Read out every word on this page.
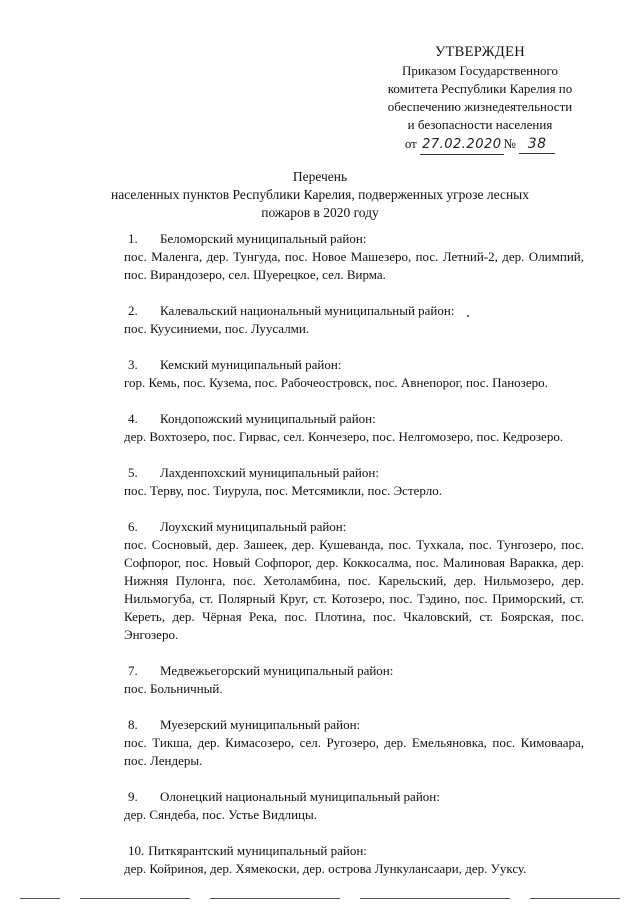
УТВЕРЖДЕН
Приказом Государственного
комитета Республики Карелия по
обеспечению жизнедеятельности
и безопасности населения
от 27.02.2020 № 38
Перечень
населенных пунктов Республики Карелия, подверженных угрозе лесных
пожаров в 2020 году
1. Беломорский муниципальный район:
пос. Маленга, дер. Тунгуда, пос. Новое Машезеро, пос. Летний-2, дер. Олимпий, пос. Вирандозеро, сел. Шуерецкое, сел. Вирма.
2. Калевальский национальный муниципальный район:
пос. Куусиниеми, пос. Луусалми.
3. Кемский муниципальный район:
гор. Кемь, пос. Кузема, пос. Рабочеостровск, пос. Авнепорог, пос. Панозеро.
4. Кондопожский муниципальный район:
дер. Вохтозеро, пос. Гирвас, сел. Кончезеро, пос. Нелгомозеро, пос. Кедрозеро.
5. Лахденпохский муниципальный район:
пос. Терву, пос. Тиурула, пос. Метсямикли, пос. Эстерло.
6. Лоухский муниципальный район:
пос. Сосновый, дер. Зашеек, дер. Кушеванда, пос. Тухкала, пос. Тунгозеро, пос. Софпорог, пос. Новый Софпорог, дер. Коккосалма, пос. Малиновая Варакка, дер. Нижняя Пулонга, пос. Хетоламбина, пос. Карельский, дер. Нильмозеро, дер. Нильмогуба, ст. Полярный Круг, ст. Котозеро, пос. Тэдино, пос. Приморский, ст. Кереть, дер. Чёрная Река, пос. Плотина, пос. Чкаловский, ст. Боярская, пос. Энгозеро.
7. Медвежьегорский муниципальный район:
пос. Больничный.
8. Муезерский муниципальный район:
пос. Тикша, дер. Кимасозеро, сел. Ругозеро, дер. Емельяновка, пос. Кимоваара, пос. Лендеры.
9. Олонецкий национальный муниципальный район:
дер. Сяндеба, пос. Устье Видлицы.
10. Питкярантский муниципальный район:
дер. Койриноя, дер. Хямекоски, дер. острова Лункулансаари, дер. Ууксу.
